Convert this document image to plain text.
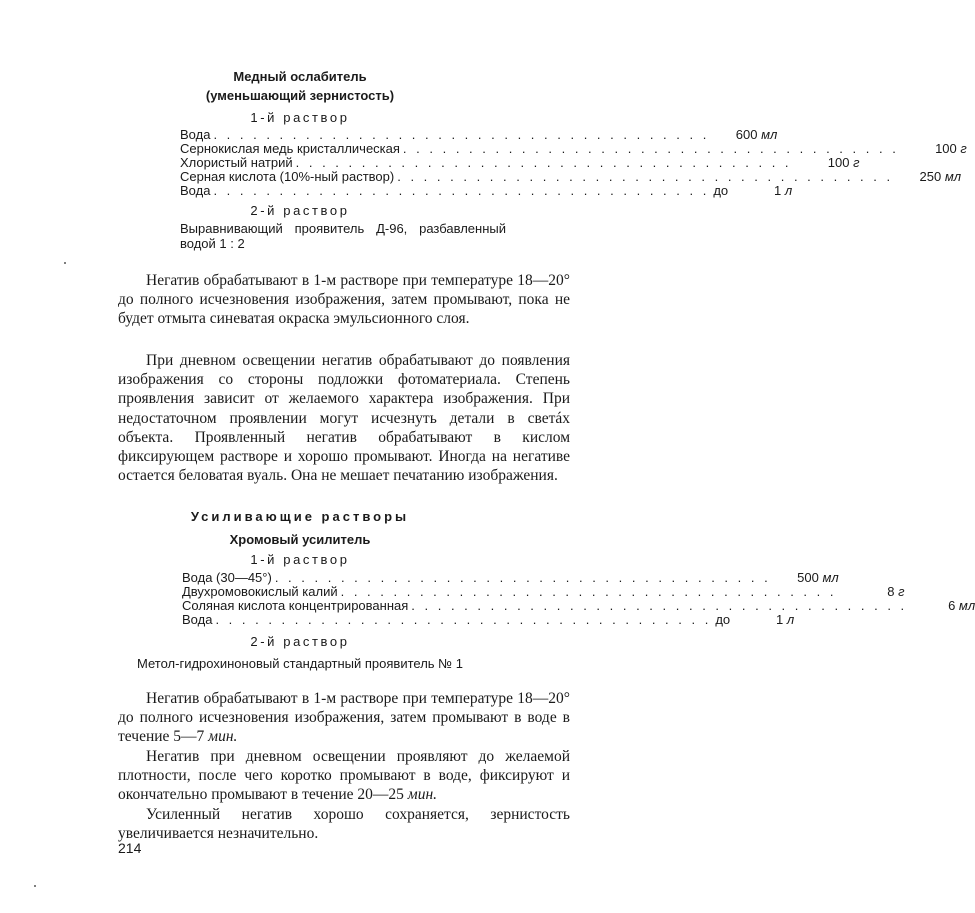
Медный ослабитель
(уменьшающий зернистость)
1-й раствор
Вода . . . . . . . . . . . . . . . . . . . . . . . . . . . . . . . . . . . . . .	600 мл
Сернокислая медь кристаллическая . . . . . . . . . . . . . . . . . . . . . . . . . . . . . . . . . . . . . .	100 г
Хлористый натрий . . . . . . . . . . . . . . . . . . . . . . . . . . . . . . . . . . . . . .	100 г
Серная кислота (10%-ный раствор) . . . . . . . . . . . . . . . . . . . . . . . . . . . . . . . . . . . . . .	250 мл
Вода . . . . . . . . . . . . . . . . . . . . . . . . . . . . . . . . . . . . . . до	1 л
2-й раствор
Выравнивающий проявитель Д-96, разбавленный водой 1 : 2

Негатив обрабатывают в 1-м растворе при температуре 18—20° до полного исчезновения изображения, затем промывают, пока не будет отмыта синеватая окраска эмульсионного слоя.

При дневном освещении негатив обрабатывают до появления изображения со стороны подложки фотоматериала. Степень проявления зависит от желаемого характера изображения. При недостаточном проявлении могут исчезнуть детали в светáх объекта. Проявленный негатив обрабатывают в кислом фиксирующем растворе и хорошо промывают. Иногда на негативе остается беловатая вуаль. Она не мешает печатанию изображения.

Усиливающие растворы
Хромовый усилитель
1-й раствор
Вода (30—45°) . . . . . . . . . . . . . . . . . . . . . . . . . . . . . . . . . . . . . .	500 мл
Двухромовокислый калий . . . . . . . . . . . . . . . . . . . . . . . . . . . . . . . . . . . . . .	8 г
Соляная кислота концентрированная . . . . . . . . . . . . . . . . . . . . . . . . . . . . . . . . . . . . . .	6 мл
Вода . . . . . . . . . . . . . . . . . . . . . . . . . . . . . . . . . . . . . . до	1 л
2-й раствор
Метол-гидрохиноновый стандартный проявитель № 1

Негатив обрабатывают в 1-м растворе при температуре 18—20° до полного исчезновения изображения, затем промывают в воде в течение 5—7 мин.

Негатив при дневном освещении проявляют до желаемой плотности, после чего коротко промывают в воде, фиксируют и окончательно промывают в течение 20—25 мин.

Усиленный негатив хорошо сохраняется, зернистость увеличивается незначительно.

214
